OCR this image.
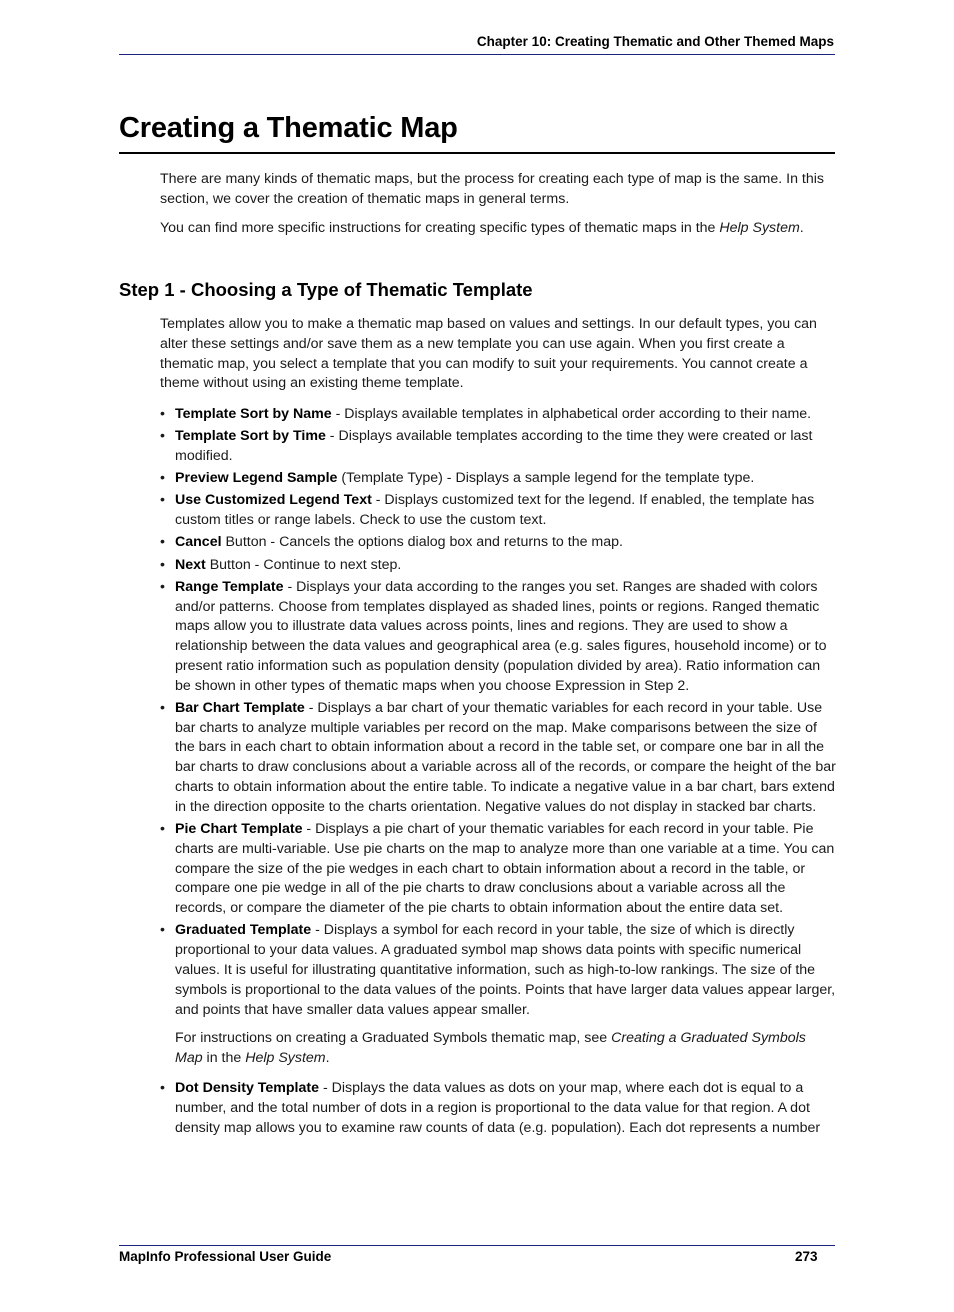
Chapter 10: Creating Thematic and Other Themed Maps
Creating a Thematic Map

There are many kinds of thematic maps, but the process for creating each type of map is the same. In this section, we cover the creation of thematic maps in general terms.

You can find more specific instructions for creating specific types of thematic maps in the Help System.

Step 1 - Choosing a Type of Thematic Template

Templates allow you to make a thematic map based on values and settings. In our default types, you can alter these settings and/or save them as a new template you can use again. When you first create a thematic map, you select a template that you can modify to suit your requirements. You cannot create a theme without using an existing theme template.

• Template Sort by Name - Displays available templates in alphabetical order according to their name.
• Template Sort by Time - Displays available templates according to the time they were created or last modified.
• Preview Legend Sample (Template Type) - Displays a sample legend for the template type.
• Use Customized Legend Text - Displays customized text for the legend. If enabled, the template has custom titles or range labels. Check to use the custom text.
• Cancel Button - Cancels the options dialog box and returns to the map.
• Next Button - Continue to next step.
• Range Template - Displays your data according to the ranges you set. Ranges are shaded with colors and/or patterns. Choose from templates displayed as shaded lines, points or regions. Ranged thematic maps allow you to illustrate data values across points, lines and regions. They are used to show a relationship between the data values and geographical area (e.g. sales figures, household income) or to present ratio information such as population density (population divided by area). Ratio information can be shown in other types of thematic maps when you choose Expression in Step 2.
• Bar Chart Template - Displays a bar chart of your thematic variables for each record in your table. Use bar charts to analyze multiple variables per record on the map. Make comparisons between the size of the bars in each chart to obtain information about a record in the table set, or compare one bar in all the bar charts to draw conclusions about a variable across all of the records, or compare the height of the bar charts to obtain information about the entire table. To indicate a negative value in a bar chart, bars extend in the direction opposite to the charts orientation. Negative values do not display in stacked bar charts.
• Pie Chart Template - Displays a pie chart of your thematic variables for each record in your table. Pie charts are multi-variable. Use pie charts on the map to analyze more than one variable at a time. You can compare the size of the pie wedges in each chart to obtain information about a record in the table, or compare one pie wedge in all of the pie charts to draw conclusions about a variable across all the records, or compare the diameter of the pie charts to obtain information about the entire data set.
• Graduated Template - Displays a symbol for each record in your table, the size of which is directly proportional to your data values. A graduated symbol map shows data points with specific numerical values. It is useful for illustrating quantitative information, such as high-to-low rankings. The size of the symbols is proportional to the data values of the points. Points that have larger data values appear larger, and points that have smaller data values appear smaller.
For instructions on creating a Graduated Symbols thematic map, see Creating a Graduated Symbols Map in the Help System.
• Dot Density Template - Displays the data values as dots on your map, where each dot is equal to a number, and the total number of dots in a region is proportional to the data value for that region. A dot density map allows you to examine raw counts of data (e.g. population). Each dot represents a number
MapInfo Professional User Guide	273
